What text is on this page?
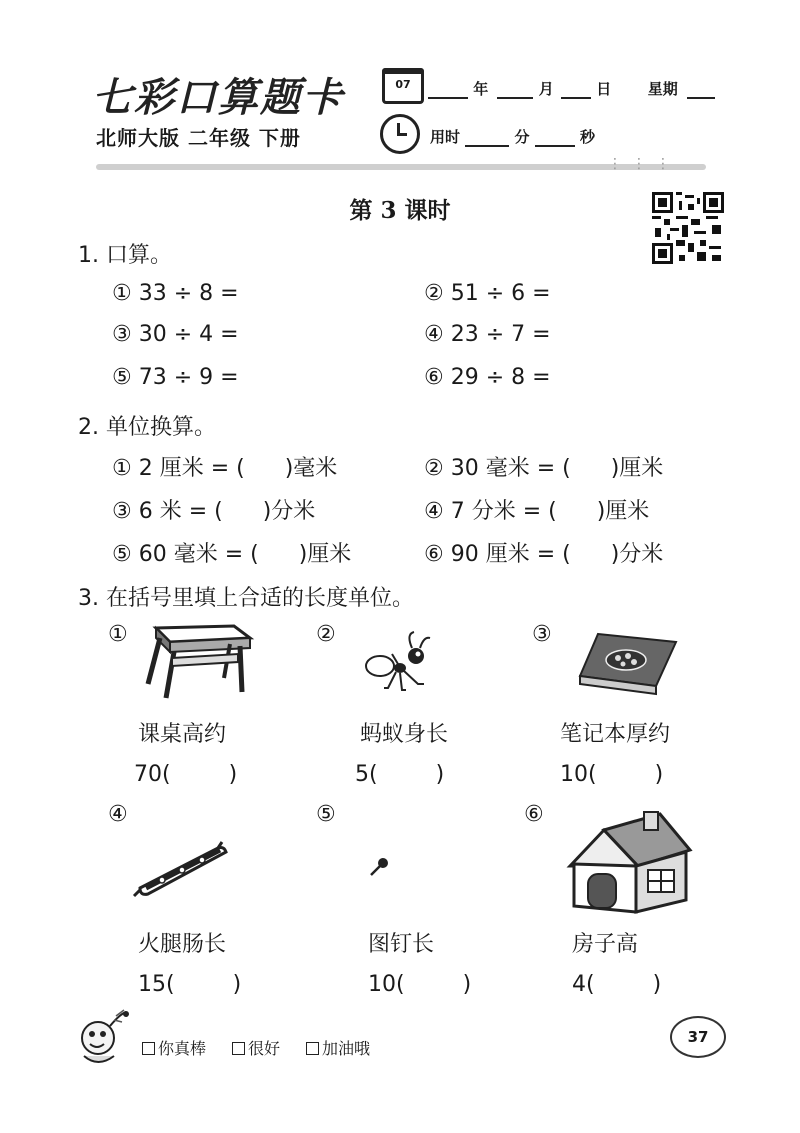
七彩口算题卡
北师大版 二年级 下册
07	年	月	日 星期
用时	分	秒
⋮⋮⋮
第 3 课时
1. 口算。
① 33 ÷ 8 =	② 51 ÷ 6 =
③ 30 ÷ 4 =	④ 23 ÷ 7 =
⑤ 73 ÷ 9 =	⑥ 29 ÷ 8 =
2. 单位换算。
① 2 厘米 = ( )毫米	② 30 毫米 = ( )厘米
③ 6 米 = ( )分米	④ 7 分米 = ( )厘米
⑤ 60 毫米 = ( )厘米	⑥ 90 厘米 = ( )分米
3. 在括号里填上合适的长度单位。
①
课桌高约
70(	)
②
蚂蚁身长
5(	)
③
笔记本厚约
10(	)
④
火腿肠长
15(	)
⑤
图钉长
10(	)
⑥
房子高
4(	)
你真棒	很好	加油哦
37
